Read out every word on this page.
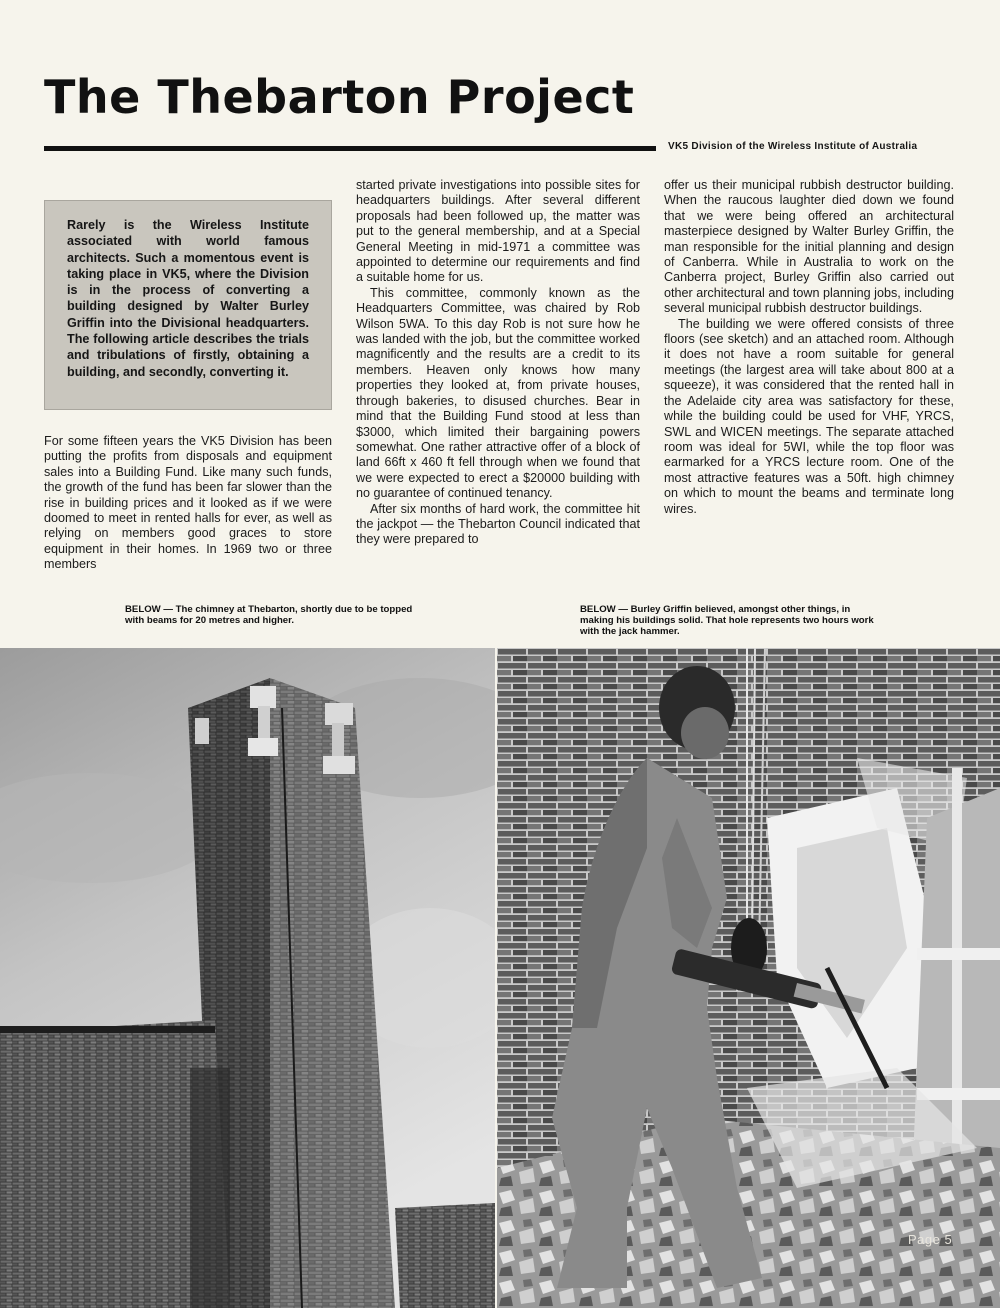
The Thebarton Project
VK5 Division of the Wireless Institute of Australia

Rarely is the Wireless Institute associated with world famous architects. Such a momentous event is taking place in VK5, where the Division is in the process of converting a building designed by Walter Burley Griffin into the Divisional headquarters. The following article describes the trials and tribulations of firstly, obtaining a building, and secondly, converting it.

For some fifteen years the VK5 Division has been putting the profits from disposals and equipment sales into a Building Fund. Like many such funds, the growth of the fund has been far slower than the rise in building prices and it looked as if we were doomed to meet in rented halls for ever, as well as relying on members good graces to store equipment in their homes. In 1969 two or three members

started private investigations into possible sites for headquarters buildings. After several different proposals had been followed up, the matter was put to the general membership, and at a Special General Meeting in mid-1971 a committee was appointed to determine our requirements and find a suitable home for us.

This committee, commonly known as the Headquarters Committee, was chaired by Rob Wilson 5WA. To this day Rob is not sure how he was landed with the job, but the committee worked magnificently and the results are a credit to its members. Heaven only knows how many properties they looked at, from private houses, through bakeries, to disused churches. Bear in mind that the Building Fund stood at less than $3000, which limited their bargaining powers somewhat. One rather attractive offer of a block of land 66ft x 460 ft fell through when we found that we were expected to erect a $20000 building with no guarantee of continued tenancy.

After six months of hard work, the committee hit the jackpot — the Thebarton Council indicated that they were prepared to

offer us their municipal rubbish destructor building. When the raucous laughter died down we found that we were being offered an architectural masterpiece designed by Walter Burley Griffin, the man responsible for the initial planning and design of Canberra. While in Australia to work on the Canberra project, Burley Griffin also carried out other architectural and town planning jobs, including several municipal rubbish destructor buildings.

The building we were offered consists of three floors (see sketch) and an attached room. Although it does not have a room suitable for general meetings (the largest area will take about 800 at a squeeze), it was considered that the rented hall in the Adelaide city area was satisfactory for these, while the building could be used for VHF, YRCS, SWL and WICEN meetings. The separate attached room was ideal for 5WI, while the top floor was earmarked for a YRCS lecture room. One of the most attractive features was a 50ft. high chimney on which to mount the beams and terminate long wires.

BELOW — The chimney at Thebarton, shortly due to be topped with beams for 20 metres and higher.
BELOW — Burley Griffin believed, amongst other things, in making his buildings solid. That hole represents two hours work with the jack hammer.
Page 5
